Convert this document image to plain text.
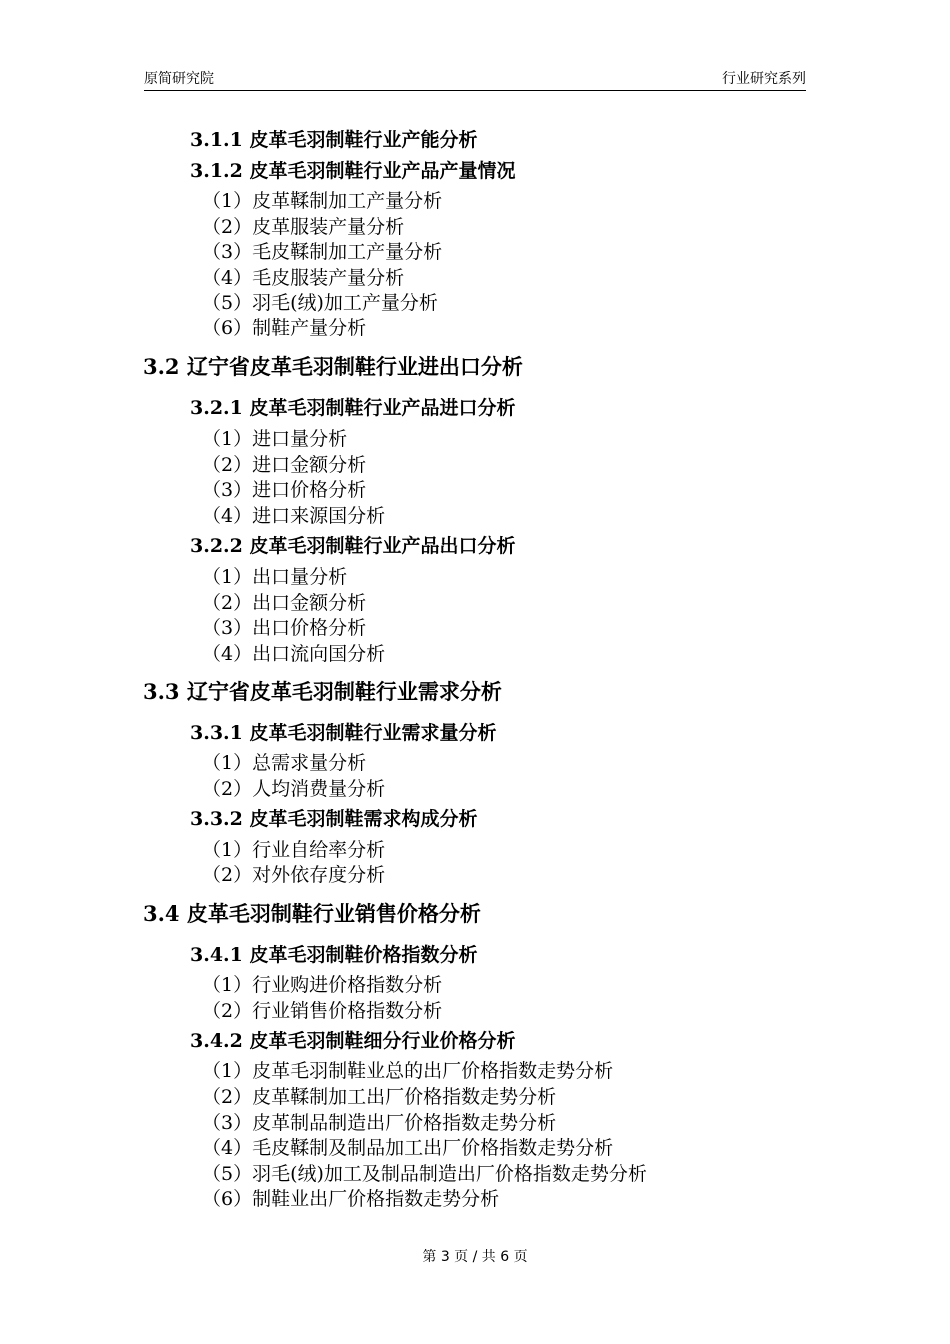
原简研究院	行业研究系列
3.1.1 皮革毛羽制鞋行业产能分析
3.1.2 皮革毛羽制鞋行业产品产量情况
（1）皮革鞣制加工产量分析
（2）皮革服装产量分析
（3）毛皮鞣制加工产量分析
（4）毛皮服装产量分析
（5）羽毛(绒)加工产量分析
（6）制鞋产量分析
3.2 辽宁省皮革毛羽制鞋行业进出口分析
3.2.1 皮革毛羽制鞋行业产品进口分析
（1）进口量分析
（2）进口金额分析
（3）进口价格分析
（4）进口来源国分析
3.2.2 皮革毛羽制鞋行业产品出口分析
（1）出口量分析
（2）出口金额分析
（3）出口价格分析
（4）出口流向国分析
3.3 辽宁省皮革毛羽制鞋行业需求分析
3.3.1 皮革毛羽制鞋行业需求量分析
（1）总需求量分析
（2）人均消费量分析
3.3.2 皮革毛羽制鞋需求构成分析
（1）行业自给率分析
（2）对外依存度分析
3.4 皮革毛羽制鞋行业销售价格分析
3.4.1 皮革毛羽制鞋价格指数分析
（1）行业购进价格指数分析
（2）行业销售价格指数分析
3.4.2 皮革毛羽制鞋细分行业价格分析
（1）皮革毛羽制鞋业总的出厂价格指数走势分析
（2）皮革鞣制加工出厂价格指数走势分析
（3）皮革制品制造出厂价格指数走势分析
（4）毛皮鞣制及制品加工出厂价格指数走势分析
（5）羽毛(绒)加工及制品制造出厂价格指数走势分析
（6）制鞋业出厂价格指数走势分析
第 3 页 / 共 6 页
